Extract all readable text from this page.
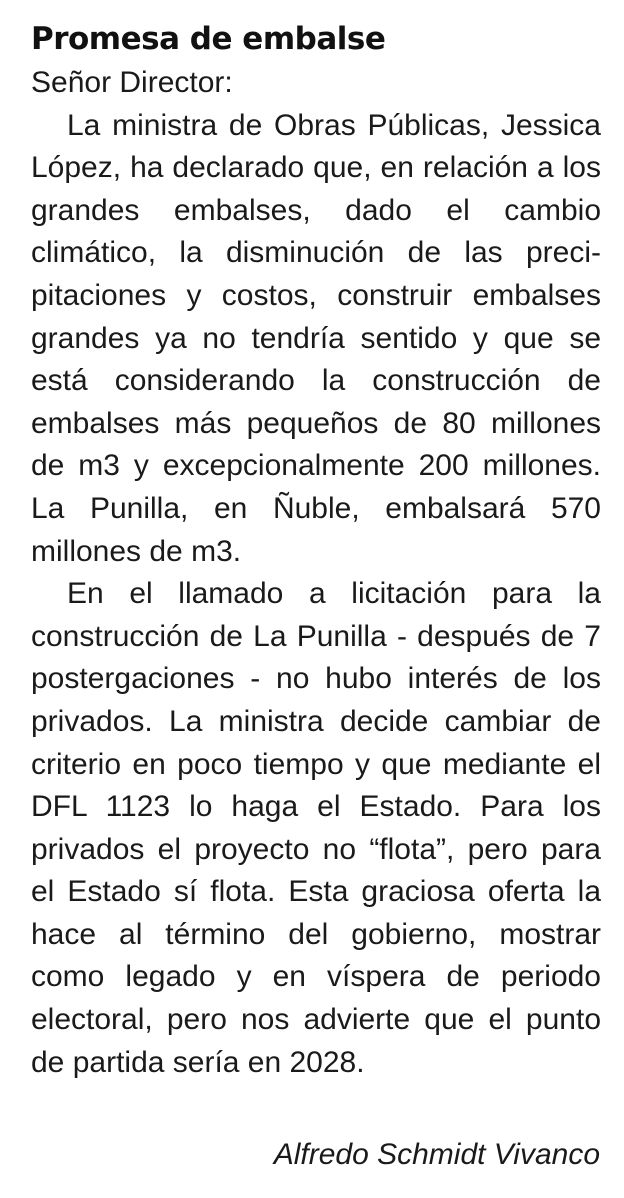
Promesa de embalse

Señor Director:

La ministra de Obras Públicas, Jessica López, ha declarado que, en relación a los grandes embalses, dado el cambio climático, la disminución de las precipitaciones y costos, construir embalses grandes ya no tendría sentido y que se está considerando la construcción de embalses más pequeños de 80 millones de m3 y excepcionalmente 200 millones. La Punilla, en Ñuble, embalsará 570 millones de m3.

En el llamado a licitación para la construcción de La Punilla - después de 7 postergaciones - no hubo interés de los privados. La ministra decide cambiar de criterio en poco tiempo y que mediante el DFL 1123 lo haga el Estado. Para los privados el proyecto no “flota”, pero para el Estado sí flota. Esta graciosa oferta la hace al término del gobierno, mostrar como legado y en víspera de periodo electoral, pero nos advierte que el punto de partida sería en 2028.

Alfredo Schmidt Vivanco
